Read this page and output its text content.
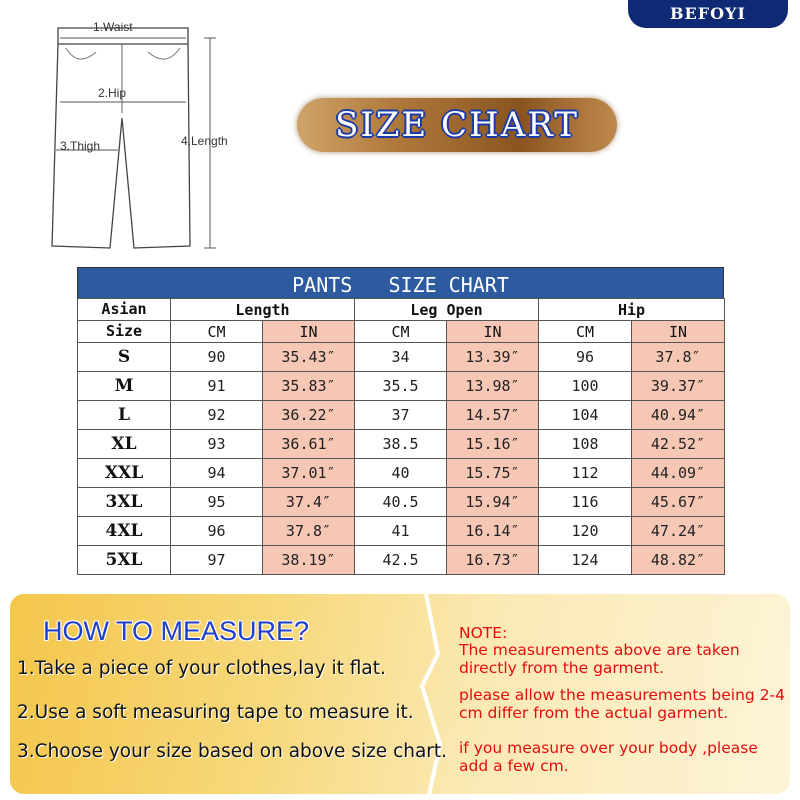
BEFOYI
1.Waist
2.Hip
3.Thigh	4.Length	SIZE CHART
PANTS   SIZE CHART
Asian	Length		Leg Open		Hip	
Size	CM	IN	CM	IN	CM	IN
S	90	35.43″	34	13.39″	96	37.8″
M	91	35.83″	35.5	13.98″	100	39.37″
L	92	36.22″	37	14.57″	104	40.94″
XL	93	36.61″	38.5	15.16″	108	42.52″
XXL	94	37.01″	40	15.75″	112	44.09″
3XL	95	37.4″	40.5	15.94″	116	45.67″
4XL	96	37.8″	41	16.14″	120	47.24″
5XL	97	38.19″	42.5	16.73″	124	48.82″
HOW TO MEASURE?
1.Take a piece of your clothes,lay it flat.
2.Use a soft measuring tape to measure it.
3.Choose your size based on above size chart.
NOTE:
The measurements above are taken directly from the garment.
please allow the measurements being 2-4 cm differ from the actual garment.
if you measure over your body ,please add a few cm.
